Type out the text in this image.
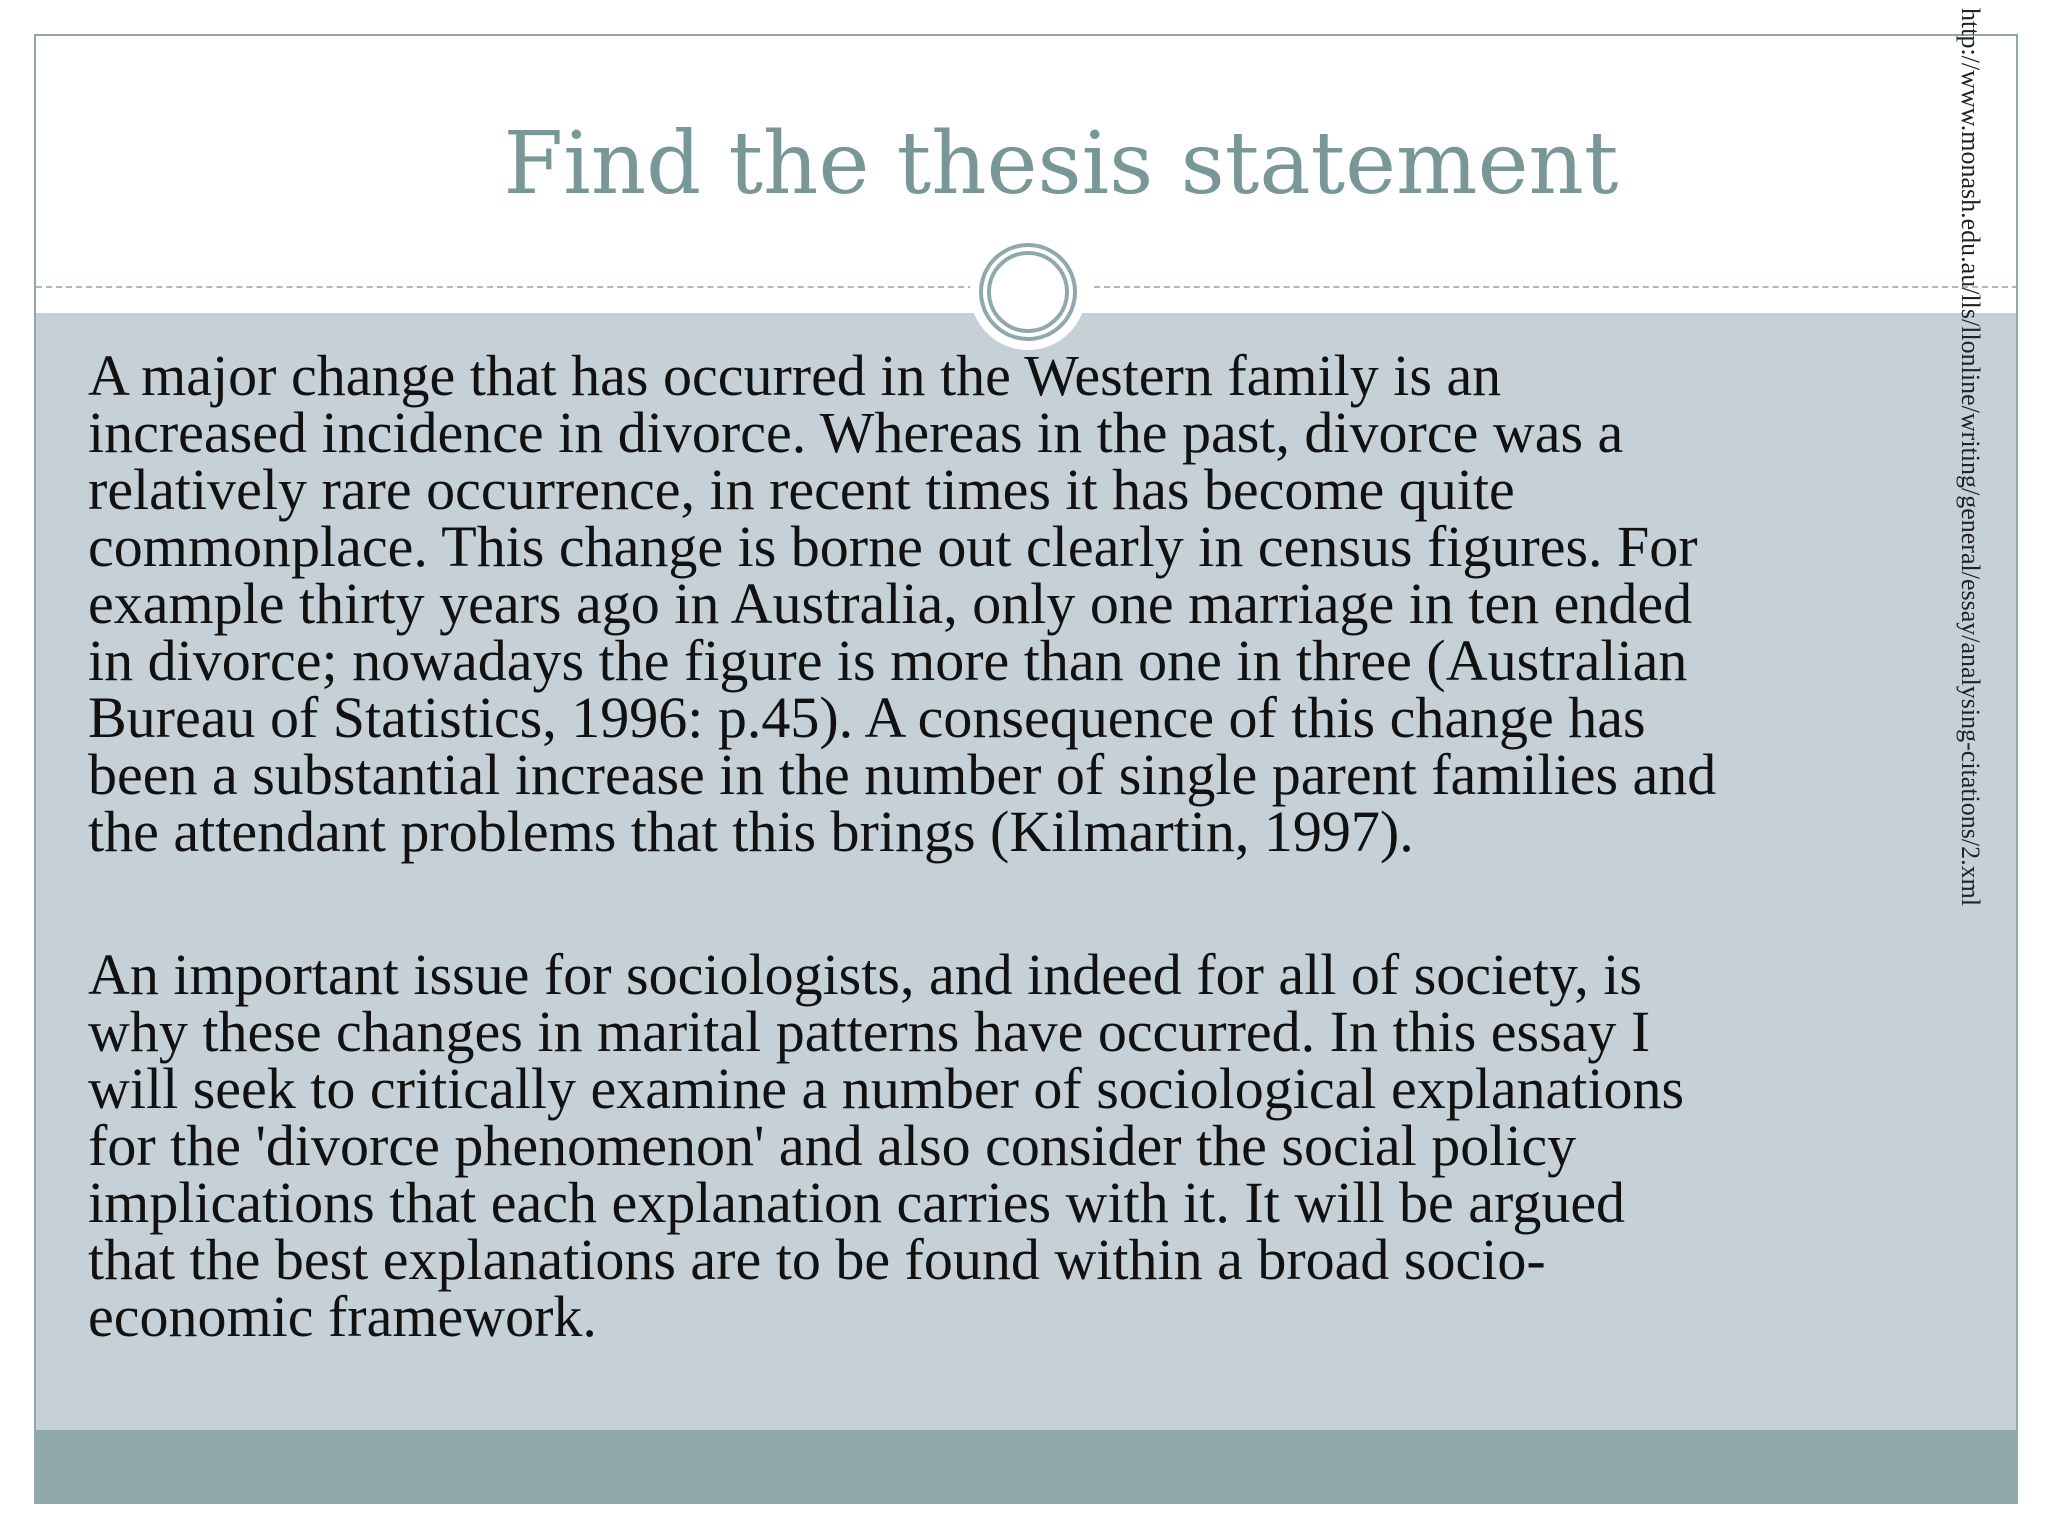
Find the thesis statement

A major change that has occurred in the Western family is an
increased incidence in divorce. Whereas in the past, divorce was a
relatively rare occurrence, in recent times it has become quite
commonplace. This change is borne out clearly in census figures. For
example thirty years ago in Australia, only one marriage in ten ended
in divorce; nowadays the figure is more than one in three (Australian
Bureau of Statistics, 1996: p.45). A consequence of this change has
been a substantial increase in the number of single parent families and
the attendant problems that this brings (Kilmartin, 1997).

An important issue for sociologists, and indeed for all of society, is
why these changes in marital patterns have occurred. In this essay I
will seek to critically examine a number of sociological explanations
for the 'divorce phenomenon' and also consider the social policy
implications that each explanation carries with it. It will be argued
that the best explanations are to be found within a broad socio-
economic framework.

http://www.monash.edu.au/lls/llonline/writing/general/essay/analysing-citations/2.xml
